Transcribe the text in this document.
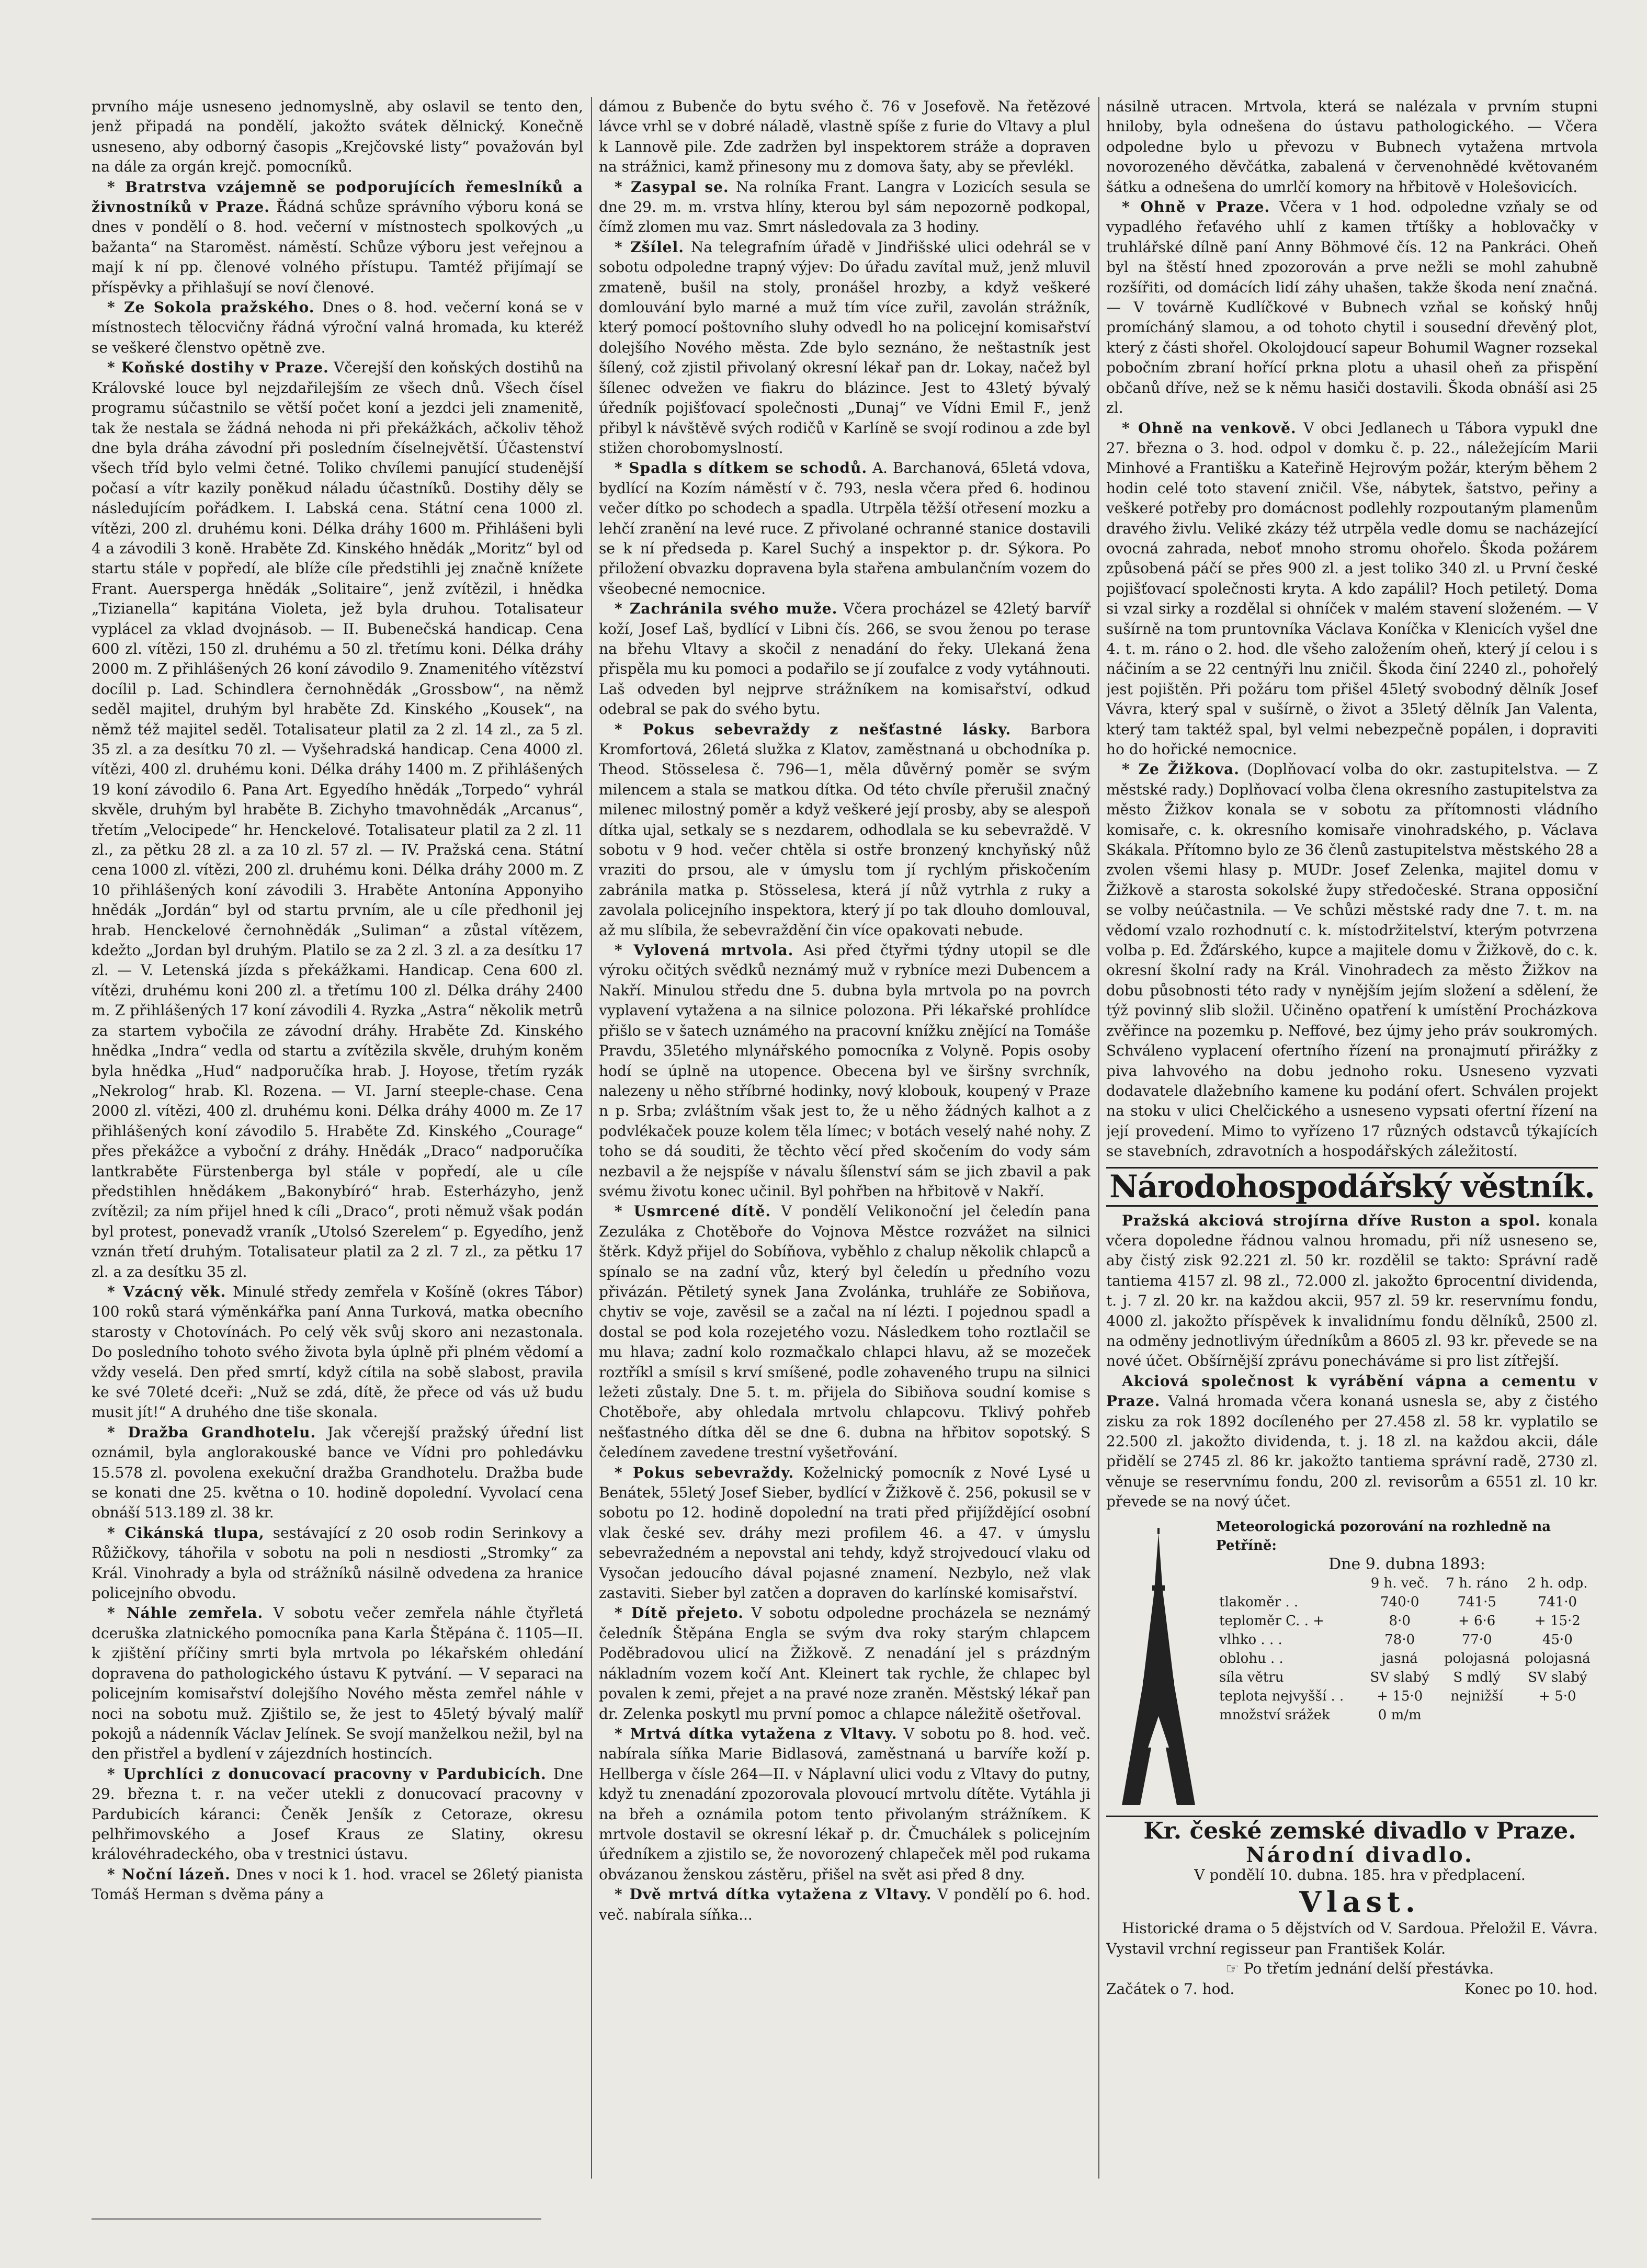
prvního máje usneseno jednomyslně, aby oslavil se tento den, jenž připadá na pondělí, jakožto svátek dělnický. Konečně usneseno, aby odborný časopis „Krejčovské listy“ považován byl na dále za orgán krejč. pomocníků.

* Bratrstva vzájemně se podporujících řemeslníků a živnostníků v Praze. Řádná schůze správního výboru koná se dnes v pondělí o 8. hod. večerní v místnostech spolkových „u bažanta“ na Staroměst. náměstí. Schůze výboru jest veřejnou a mají k ní pp. členové volného přístupu. Tamtéž přijímají se příspěvky a přihlašují se noví členové.

* Ze Sokola pražského. Dnes o 8. hod. večerní koná se v místnostech tělocvičny řádná výroční valná hromada, ku kteréž se veškeré členstvo opětně zve.

* Koňské dostihy v Praze. Včerejší den koňských dostihů na Královské louce byl nejzdařilejším ze všech dnů. Všech čísel programu súčastnilo se větší počet koní a jezdci jeli znamenitě, tak že nestala se žádná nehoda ni při překážkách, ačkoliv těhož dne byla dráha závodní při posledním číselnejvětší. Účastenství všech tříd bylo velmi četné. Toliko chvílemi panující studenější počasí a vítr kazily poněkud náladu účastníků. Dostihy děly se následujícím pořádkem. I. Labská cena. Státní cena 1000 zl. vítězi, 200 zl. druhému koni. Délka dráhy 1600 m. Přihlášeni byli 4 a závodili 3 koně. Hraběte Zd. Kinského hnědák „Moritz“ byl od startu stále v popředí, ale blíže cíle předstihli jej značně knížete Frant. Auersperga hnědák „Solitaire“, jenž zvítězil, i hnědka „Tizianella“ kapitána Violeta, jež byla druhou. Totalisateur vyplácel za vklad dvojnásob. — II. Bubenečská handicap. Cena 600 zl. vítězi, 150 zl. druhému a 50 zl. třetímu koni. Délka dráhy 2000 m. Z přihlášených 26 koní závodilo 9. Znamenitého vítězství docílil p. Lad. Schindlera černohnědák „Grossbow“, na němž seděl majitel, druhým byl hraběte Zd. Kinského „Kousek“, na němž též majitel seděl. Totalisateur platil za 2 zl. 14 zl., za 5 zl. 35 zl. a za desítku 70 zl. — Vyšehradská handicap. Cena 4000 zl. vítězi, 400 zl. druhému koni. Délka dráhy 1400 m. Z přihlášených 19 koní závodilo 6. Pana Art. Egyedího hnědák „Torpedo“ vyhrál skvěle, druhým byl hraběte B. Zichyho tmavohnědák „Arcanus“, třetím „Velocipede“ hr. Henckelové. Totalisateur platil za 2 zl. 11 zl., za pětku 28 zl. a za 10 zl. 57 zl. — IV. Pražská cena. Státní cena 1000 zl. vítězi, 200 zl. druhému koni. Délka dráhy 2000 m. Z 10 přihlášených koní závodili 3. Hraběte Antonína Apponyiho hnědák „Jordán“ byl od startu prvním, ale u cíle předhonil jej hrab. Henckelové černohnědák „Suliman“ a zůstal vítězem, kdežto „Jordan byl druhým. Platilo se za 2 zl. 3 zl. a za desítku 17 zl. — V. Letenská jízda s překážkami. Handicap. Cena 600 zl. vítězi, druhému koni 200 zl. a třetímu 100 zl. Délka dráhy 2400 m. Z přihlášených 17 koní závodili 4. Ryzka „Astra“ několik metrů za startem vybočila ze závodní dráhy. Hraběte Zd. Kinského hnědka „Indra“ vedla od startu a zvítězila skvěle, druhým koněm byla hnědka „Hud“ nadporučíka hrab. J. Hoyose, třetím ryzák „Nekrolog“ hrab. Kl. Rozena. — VI. Jarní steeple-chase. Cena 2000 zl. vítězi, 400 zl. druhému koni. Délka dráhy 4000 m. Ze 17 přihlášených koní závodilo 5. Hraběte Zd. Kinského „Courage“ přes překážce a vyboční z dráhy. Hnědák „Draco“ nadporučíka lantkraběte Fürstenberga byl stále v popředí, ale u cíle předstihlen hnědákem „Bakonybíró“ hrab. Esterházyho, jenž zvítězil; za ním přijel hned k cíli „Draco“, proti němuž však podán byl protest, ponevadž vraník „Utolsó Szerelem“ p. Egyedího, jenž vznán třetí druhým. Totalisateur platil za 2 zl. 7 zl., za pětku 17 zl. a za desítku 35 zl.

* Vzácný věk. Minulé středy zemřela v Košíně (okres Tábor) 100 roků stará výměnkářka paní Anna Turková, matka obecního starosty v Chotovínách. Po celý věk svůj skoro ani nezastonala. Do posledního tohoto svého života byla úplně při plném vědomí a vždy veselá. Den před smrtí, když cítila na sobě slabost, pravila ke své 70leté dceři: „Nuž se zdá, dítě, že přece od vás už budu musit jít!“ A druhého dne tiše skonala.

* Dražba Grandhotelu. Jak včerejší pražský úřední list oznámil, byla anglorakouské bance ve Vídni pro pohledávku 15.578 zl. povolena exekuční dražba Grandhotelu. Dražba bude se konati dne 25. května o 10. hodině dopolední. Vyvolací cena obnáší 513.189 zl. 38 kr.

* Cikánská tlupa, sestávající z 20 osob rodin Serinkovy a Růžičkovy, táhořila v sobotu na poli n nesdiosti „Stromky“ za Král. Vinohrady a byla od strážníků násilně odvedena za hranice policejního obvodu.

* Náhle zemřela. V sobotu večer zemřela náhle čtyřletá dceruška zlatnického pomocníka pana Karla Štěpána č. 1105—II. k zjištění příčiny smrti byla mrtvola po lékařském ohledání dopravena do pathologického ústavu K pytvání. — V separaci na policejním komisařství dolejšího Nového města zemřel náhle v noci na sobotu muž. Zjištilo se, že jest to 45letý bývalý malíř pokojů a nádenník Václav Jelínek. Se svojí manželkou nežil, byl na den přistřel a bydlení v zájezdních hostincích.

* Uprchlíci z donucovací pracovny v Pardubicích. Dne 29. března t. r. na večer utekli z donucovací pracovny v Pardubicích káranci: Čeněk Jenšík z Cetoraze, okresu pelhřimovského a Josef Kraus ze Slatiny, okresu královéhradeckého, oba v trestnici ústavu.

* Noční lázeň. Dnes v noci k 1. hod. vracel se 26letý pianista Tomáš Herman s dvěma pány a

dámou z Bubenče do bytu svého č. 76 v Josefově. Na řetězové lávce vrhl se v dobré náladě, vlastně spíše z furie do Vltavy a plul k Lannově pile. Zde zadržen byl inspektorem stráže a dopraven na strážnici, kamž přinesony mu z domova šaty, aby se převlékl.

* Zasypal se. Na rolníka Frant. Langra v Lozicích sesula se dne 29. m. m. vrstva hlíny, kterou byl sám nepozorně podkopal, čímž zlomen mu vaz. Smrt následovala za 3 hodiny.

* Zšílel. Na telegrafním úřadě v Jindřišské ulici odehrál se v sobotu odpoledne trapný výjev: Do úřadu zavítal muž, jenž mluvil zmateně, bušil na stoly, pronášel hrozby, a když veškeré domlouvání bylo marné a muž tím více zuřil, zavolán strážník, který pomocí poštovního sluhy odvedl ho na policejní komisařství dolejšího Nového města. Zde bylo seznáno, že neštastník jest šílený, což zjistil přivolaný okresní lékař pan dr. Lokay, načež byl šílenec odvežen ve fiakru do blázince. Jest to 43letý bývalý úředník pojišťovací společnosti „Dunaj“ ve Vídni Emil F., jenž přibyl k návštěvě svých rodičů v Karlíně se svojí rodinou a zde byl stižen chorobomyslností.

* Spadla s dítkem se schodů. A. Barchanová, 65letá vdova, bydlící na Kozím náměstí v č. 793, nesla včera před 6. hodinou večer dítko po schodech a spadla. Utrpěla těžší otřesení mozku a lehčí zranění na levé ruce. Z přivolané ochranné stanice dostavili se k ní předseda p. Karel Suchý a inspektor p. dr. Sýkora. Po přiložení obvazku dopravena byla stařena ambulančním vozem do všeobecné nemocnice.

* Zachránila svého muže. Včera procházel se 42letý barvíř koží, Josef Laš, bydlící v Libni čís. 266, se svou ženou po terase na břehu Vltavy a skočil z nenadání do řeky. Ulekaná žena přispěla mu ku pomoci a podařilo se jí zoufalce z vody vytáhnouti. Laš odveden byl nejprve strážníkem na komisařství, odkud odebral se pak do svého bytu.

* Pokus sebevraždy z nešťastné lásky. Barbora Kromfortová, 26letá služka z Klatov, zaměstnaná u obchodníka p. Theod. Stösselesa č. 796—1, měla důvěrný poměr se svým milencem a stala se matkou dítka. Od této chvíle přerušil značný milenec milostný poměr a když veškeré její prosby, aby se alespoň dítka ujal, setkaly se s nezdarem, odhodlala se ku sebevraždě. V sobotu v 9 hod. večer chtěla si ostře bronzený knchyňský nůž vraziti do prsou, ale v úmyslu tom jí rychlým přiskočením zabránila matka p. Stösselesa, která jí nůž vytrhla z ruky a zavolala policejního inspektora, který jí po tak dlouho domlouval, až mu slíbila, že sebevraždění čin více opakovati nebude.

* Vylovená mrtvola. Asi před čtyřmi týdny utopil se dle výroku očitých svědků neznámý muž v rybníce mezi Dubencem a Nakří. Minulou středu dne 5. dubna byla mrtvola po na povrch vyplavení vytažena a na silnice polozona. Při lékařské prohlídce přišlo se v šatech uznámého na pracovní knížku znějící na Tomáše Pravdu, 35letého mlynářského pomocníka z Volyně. Popis osoby hodí se úplně na utopence. Obecena byl ve širšny svrchník, nalezeny u něho stříbrné hodinky, nový klobouk, koupený v Praze n p. Srba; zvláštním však jest to, že u něho žádných kalhot a z podvlékaček pouze kolem těla límec; v botách veselý nahé nohy. Z toho se dá souditi, že těchto věcí před skočením do vody sám nezbavil a že nejspíše v návalu šílenství sám se jich zbavil a pak svému životu konec učinil. Byl pohřben na hřbitově v Nakří.

* Usmrcené dítě. V pondělí Velikonoční jel čeledín pana Zezuláka z Chotěboře do Vojnova Městce rozvážet na silnici štěrk. Když přijel do Sobíňova, vyběhlo z chalup několik chlapců a spínalo se na zadní vůz, který byl čeledín u předního vozu přivázán. Pětiletý synek Jana Zvolánka, truhláře ze Sobiňova, chytiv se voje, zavěsil se a začal na ní lézti. I pojednou spadl a dostal se pod kola rozejetého vozu. Následkem toho roztlačil se mu hlava; zadní kolo rozmačkalo chlapci hlavu, až se mozeček roztříkl a smísil s krví smíšené, podle zohaveného trupu na silnici ležeti zůstaly. Dne 5. t. m. přijela do Sibiňova soudní komise s Chotěboře, aby ohledala mrtvolu chlapcovu. Tklivý pohřeb nešťastného dítka děl se dne 6. dubna na hřbitov sopotský. S čeledínem zavedene trestní vyšetřování.

* Pokus sebevraždy. Koželnický pomocník z Nové Lysé u Benátek, 55letý Josef Sieber, bydlící v Žižkově č. 256, pokusil se v sobotu po 12. hodině dopolední na trati před přijíždějící osobní vlak české sev. dráhy mezi profilem 46. a 47. v úmyslu sebevražedném a nepovstal ani tehdy, když strojvedoucí vlaku od Vysočan jedoucího dával pojasné znamení. Nezbylo, než vlak zastaviti. Sieber byl zatčen a dopraven do karlínské komisařství.

* Dítě přejeto. V sobotu odpoledne procházela se neznámý čeledník Štěpána Engla se svým dva roky starým chlapcem Poděbradovou ulicí na Žižkově. Z nenadání jel s prázdným nákladním vozem kočí Ant. Kleinert tak rychle, že chlapec byl povalen k zemi, přejet a na pravé noze zraněn. Městský lékař pan dr. Zelenka poskytl mu první pomoc a chlapce náležitě ošetřoval.

* Mrtvá dítka vytažena z Vltavy. V sobotu po 8. hod. več. nabírala síňka Marie Bidlasová, zaměstnaná u barvíře koží p. Hellberga v čísle 264—II. v Náplavní ulici vodu z Vltavy do putny, když tu znenadání zpozorovala plovoucí mrtvolu dítěte. Vytáhla ji na břeh a oznámila potom tento přivolaným strážníkem. K mrtvole dostavil se okresní lékař p. dr. Čmuchálek s policejním úředníkem a zjistilo se, že novorozený chlapeček měl pod rukama obvázanou ženskou zástěru, přišel na svět asi před 8 dny.

* Dvě mrtvá dítka vytažena z Vltavy. V pondělí po 6. hod. več. nabírala síňka...

násilně utracen. Mrtvola, která se nalézala v prvním stupni hniloby, byla odnešena do ústavu pathologického. — Včera odpoledne bylo u převozu v Bubnech vytažena mrtvola novorozeného děvčátka, zabalená v červenohnědé květovaném šátku a odnešena do umrlčí komory na hřbitově v Holešovicích.

* Ohně v Praze. Včera v 1 hod. odpoledne vzňaly se od vypadlého řeťavého uhlí z kamen třtíšky a hoblovačky v truhlářské dílně paní Anny Böhmové čís. 12 na Pankráci. Oheň byl na štěstí hned zpozorován a prve nežli se mohl zahubně rozšířiti, od domácích lidí záhy uhašen, takže škoda není značná. — V továrně Kudlíčkové v Bubnech vzňal se koňský hnůj promícháný slamou, a od tohoto chytil i sousední dřevěný plot, který z části shořel. Okolojdoucí sapeur Bohumil Wagner rozsekal pobočním zbraní hořící prkna plotu a uhasil oheň za přispění občanů dříve, než se k němu hasiči dostavili. Škoda obnáší asi 25 zl.

* Ohně na venkově. V obci Jedlanech u Tábora vypukl dne 27. března o 3. hod. odpol v domku č. p. 22., náležejícím Marii Minhové a Františku a Kateřině Hejrovým požár, kterým během 2 hodin celé toto stavení zničil. Vše, nábytek, šatstvo, peřiny a veškeré potřeby pro domácnost podlehly rozpoutaným plamenům dravého živlu. Veliké zkázy též utrpěla vedle domu se nacházející ovocná zahrada, neboť mnoho stromu ohořelo. Škoda požárem způsobená páčí se přes 900 zl. a jest toliko 340 zl. u První české pojišťovací společnosti kryta. A kdo zapálil? Hoch petiletý. Doma si vzal sirky a rozdělal si ohníček v malém stavení složeném. — V sušírně na tom pruntovníka Václava Koníčka v Klenicích vyšel dne 4. t. m. ráno o 2. hod. dle všeho založením oheň, který jí celou i s náčiním a se 22 centnýři lnu zničil. Škoda činí 2240 zl., pohořelý jest pojištěn. Při požáru tom přišel 45letý svobodný dělník Josef Vávra, který spal v sušírně, o život a 35letý dělník Jan Valenta, který tam taktéž spal, byl velmi nebezpečně popálen, i dopraviti ho do hořické nemocnice.

* Ze Žižkova. (Doplňovací volba do okr. zastupitelstva. — Z městské rady.) Doplňovací volba člena okresního zastupitelstva za město Žižkov konala se v sobotu za přítomnosti vládního komisaře, c. k. okresního komisaře vinohradského, p. Václava Skákala. Přítomno bylo ze 36 členů zastupitelstva městského 28 a zvolen všemi hlasy p. MUDr. Josef Zelenka, majitel domu v Žižkově a starosta sokolské župy středočeské. Strana opposiční se volby neúčastnila. — Ve schůzi městské rady dne 7. t. m. na vědomí vzalo rozhodnutí c. k. místodržitelství, kterým potvrzena volba p. Ed. Žďárského, kupce a majitele domu v Žižkově, do c. k. okresní školní rady na Král. Vinohradech za město Žižkov na dobu působnosti této rady v nynějším jejím složení a sdělení, že týž povinný slib složil. Učiněno opatření k umístění Procházkova zvěřince na pozemku p. Neffové, bez újmy jeho práv soukromých. Schváleno vyplacení ofertního řízení na pronajmutí přirážky z piva lahvového na dobu jednoho roku. Usneseno vyzvati dodavatele dlažebního kamene ku podání ofert. Schválen projekt na stoku v ulici Chelčického a usneseno vypsati ofertní řízení na její provedení. Mimo to vyřízeno 17 různých odstavců týkajících se stavebních, zdravotních a hospodářských záležitostí.

Národohospodářský věstník.

Pražská akciová strojírna dříve Ruston a spol. konala včera dopoledne řádnou valnou hromadu, při níž usneseno se, aby čistý zisk 92.221 zl. 50 kr. rozdělil se takto: Správní radě tantiema 4157 zl. 98 zl., 72.000 zl. jakožto 6procentní dividenda, t. j. 7 zl. 20 kr. na každou akcii, 957 zl. 59 kr. reservnímu fondu, 4000 zl. jakožto příspěvek k invalidnímu fondu dělníků, 2500 zl. na odměny jednotlivým úředníkům a 8605 zl. 93 kr. převede se na nové účet. Obšírnější zprávu ponecháváme si pro list zítřejší.

Akciová společnost k vyrábění vápna a cementu v Praze. Valná hromada včera konaná usnesla se, aby z čistého zisku za rok 1892 docíleného per 27.458 zl. 58 kr. vyplatilo se 22.500 zl. jakožto dividenda, t. j. 18 zl. na každou akcii, dále přidělí se 2745 zl. 86 kr. jakožto tantiema správní radě, 2730 zl. věnuje se reservnímu fondu, 200 zl. revisorům a 6551 zl. 10 kr. převede se na nový účet.

Meteorologická pozorování na rozhledně na Petříně:

Dne 9. dubna 1893:

	9 h. več.	7 h. ráno	2 h. odp.
tlakoměr . .	740·0	741·5	741·0
teploměr C. . +	8·0	+ 6·6	+ 15·2
vlhko . . .	78·0	77·0	45·0
oblohu . .	jasná	polojasná	polojasná
síla větru	SV slabý	S mdlý	SV slabý
teplota nejvyšší . .	+ 15·0	nejnižší	+ 5·0
množství srážek	0 m/m		

Kr. české zemské divadlo v Praze.

Národní divadlo.

V pondělí 10. dubna. 185. hra v předplacení.

Vlast.

Historické drama o 5 dějstvích od V. Sardoua. Přeložil E. Vávra. Vystavil vrchní regisseur pan František Kolár.

☞ Po třetím jednání delší přestávka.

Začátek o 7. hod.	Konec po 10. hod.
